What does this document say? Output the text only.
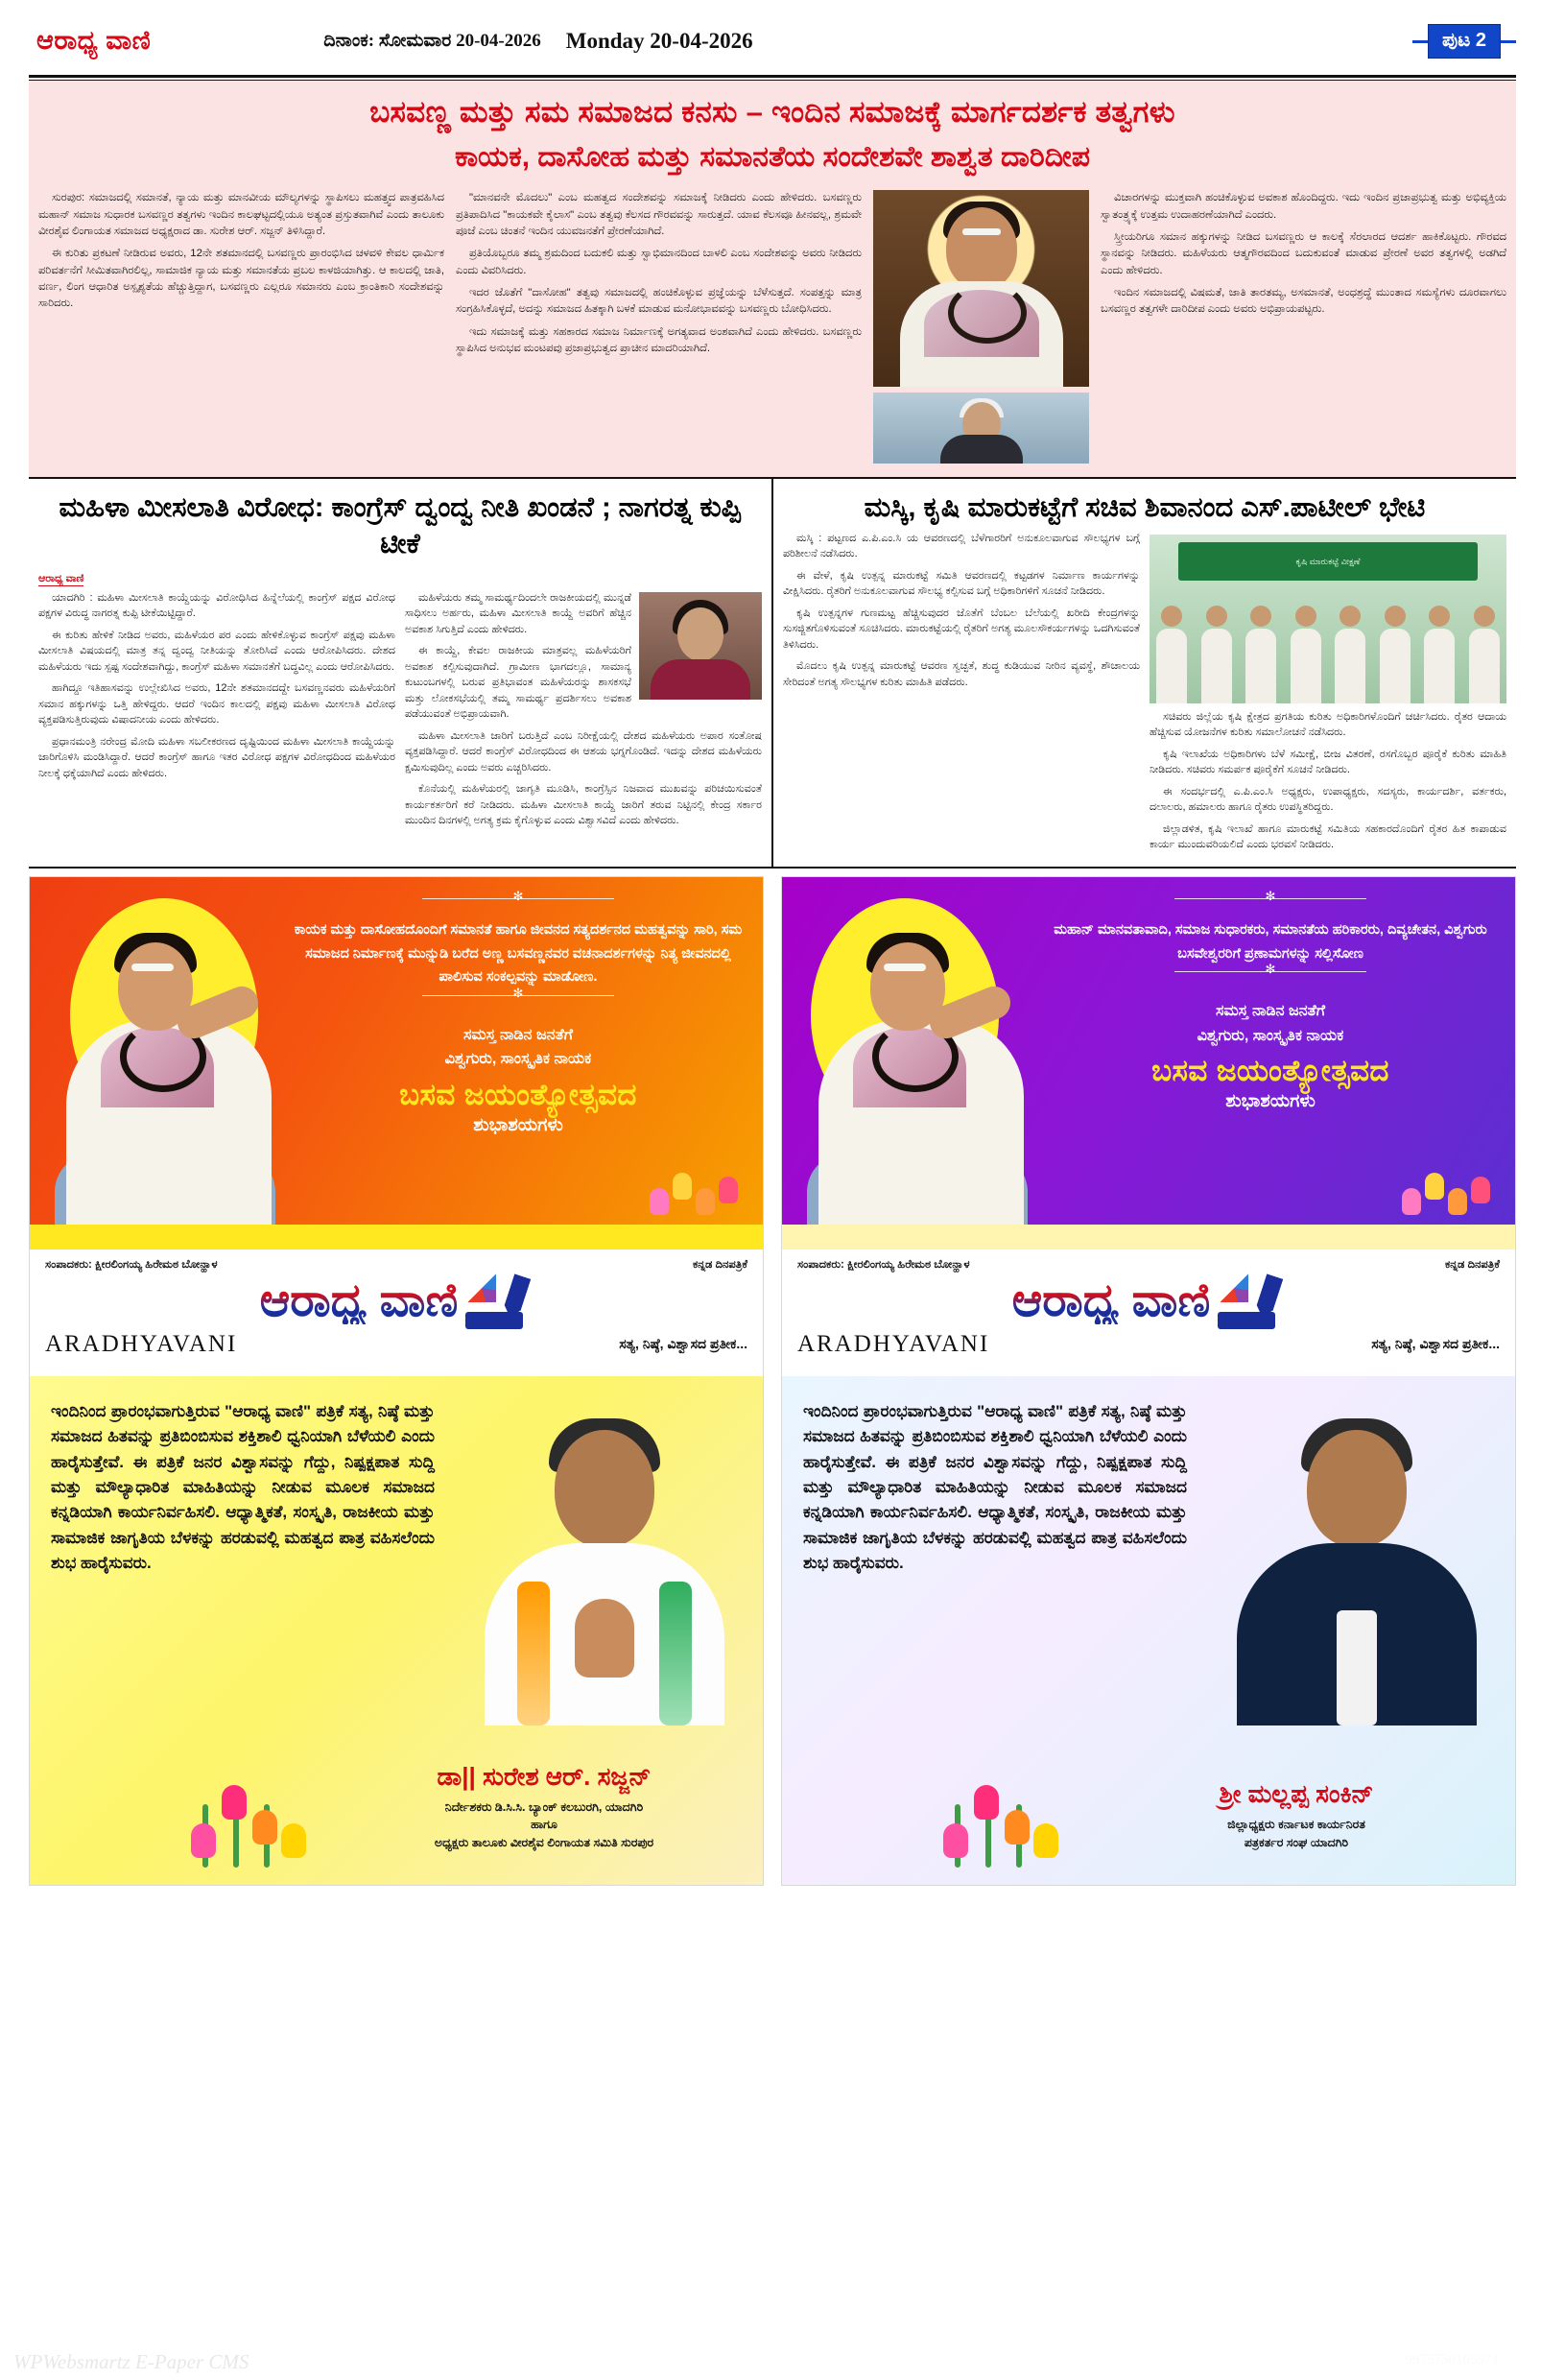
ಆರಾಧ್ಯ ವಾಣಿ	ದಿನಾಂಕ: ಸೋಮವಾರ 20-04-2026 Monday 20-04-2026	ಪುಟ 2
ಬಸವಣ್ಣ ಮತ್ತು ಸಮ ಸಮಾಜದ ಕನಸು – ಇಂದಿನ ಸಮಾಜಕ್ಕೆ ಮಾರ್ಗದರ್ಶಕ ತತ್ವಗಳು
ಕಾಯಕ, ದಾಸೋಹ ಮತ್ತು ಸಮಾನತೆಯ ಸಂದೇಶವೇ ಶಾಶ್ವತ ದಾರಿದೀಪ

ಸುರಪುರ: ಸಮಾಜದಲ್ಲಿ ಸಮಾನತೆ, ನ್ಯಾಯ ಮತ್ತು ಮಾನವೀಯ ಮೌಲ್ಯಗಳನ್ನು ಸ್ಥಾಪಿಸಲು ಮಹತ್ತ್ವದ ಪಾತ್ರವಹಿಸಿದ ಮಹಾನ್ ಸಮಾಜ ಸುಧಾರಕ ಬಸವಣ್ಣರ ತತ್ವಗಳು ಇಂದಿನ ಕಾಲಘಟ್ಟದಲ್ಲಿಯೂ ಅತ್ಯಂತ ಪ್ರಸ್ತುತವಾಗಿವೆ ಎಂದು ತಾಲೂಕು ವೀರಶೈವ ಲಿಂಗಾಯತ ಸಮಾಜದ ಅಧ್ಯಕ್ಷರಾದ ಡಾ. ಸುರೇಶ ಆರ್. ಸಜ್ಜನ್ ತಿಳಿಸಿದ್ದಾರೆ.

ಈ ಕುರಿತು ಪ್ರಕಟಣೆ ನೀಡಿರುವ ಅವರು, 12ನೇ ಶತಮಾನದಲ್ಲಿ ಬಸವಣ್ಣರು ಪ್ರಾರಂಭಿಸಿದ ಚಳವಳಿ ಕೇವಲ ಧಾರ್ಮಿಕ ಪರಿವರ್ತನೆಗೆ ಸೀಮಿತವಾಗಿರಲಿಲ್ಲ, ಸಾಮಾಜಿಕ ನ್ಯಾಯ ಮತ್ತು ಸಮಾನತೆಯ ಪ್ರಬಲ ಕಾಳಜಿಯಾಗಿತ್ತು. ಆ ಕಾಲದಲ್ಲಿ ಜಾತಿ, ವರ್ಣ, ಲಿಂಗ ಆಧಾರಿತ ಅಸ್ಪೃಶ್ಯತೆಯ ಹೆಚ್ಚುತ್ತಿದ್ದಾಗ, ಬಸವಣ್ಣರು ಎಲ್ಲರೂ ಸಮಾನರು ಎಂಬ ಕ್ರಾಂತಿಕಾರಿ ಸಂದೇಶವನ್ನು ಸಾರಿದರು.

"ಮಾನವನೇ ಮೊದಲು" ಎಂಬ ಮಹತ್ವದ ಸಂದೇಶವನ್ನು ಸಮಾಜಕ್ಕೆ ನೀಡಿದರು ಎಂದು ಹೇಳಿದರು. ಬಸವಣ್ಣರು ಪ್ರತಿಪಾದಿಸಿದ "ಕಾಯಕವೇ ಕೈಲಾಸ" ಎಂಬ ತತ್ವವು ಕೆಲಸದ ಗೌರವವನ್ನು ಸಾರುತ್ತದೆ. ಯಾವ ಕೆಲಸವೂ ಹೀನವಲ್ಲ, ಶ್ರಮವೇ ಪೂಜೆ ಎಂಬ ಚಿಂತನೆ ಇಂದಿನ ಯುವಜನತೆಗೆ ಪ್ರೇರಣೆಯಾಗಿದೆ.

ಪ್ರತಿಯೊಬ್ಬರೂ ತಮ್ಮ ಶ್ರಮದಿಂದ ಬದುಕಲಿ ಮತ್ತು ಸ್ವಾಭಿಮಾನದಿಂದ ಬಾಳಲಿ ಎಂಬ ಸಂದೇಶವನ್ನು ಅವರು ನೀಡಿದರು ಎಂದು ವಿವರಿಸಿದರು.

ಇದರ ಜೊತೆಗೆ "ದಾಸೋಹ" ತತ್ವವು ಸಮಾಜದಲ್ಲಿ ಹಂಚಿಕೊಳ್ಳುವ ಪ್ರಜ್ಞೆಯನ್ನು ಬೆಳೆಸುತ್ತದೆ. ಸಂಪತ್ತನ್ನು ಮಾತ್ರ ಸಂಗ್ರಹಿಸಿಕೊಳ್ಳದೆ, ಅದನ್ನು ಸಮಾಜದ ಹಿತಕ್ಕಾಗಿ ಬಳಕೆ ಮಾಡುವ ಮನೋಭಾವವನ್ನು ಬಸವಣ್ಣರು ಬೋಧಿಸಿದರು.

ಇದು ಸಮಾಜಕ್ಕೆ ಮತ್ತು ಸಹಕಾರದ ಸಮಾಜ ನಿರ್ಮಾಣಕ್ಕೆ ಅಗತ್ಯವಾದ ಅಂಶವಾಗಿದೆ ಎಂದು ಹೇಳಿದರು. ಬಸವಣ್ಣರು ಸ್ಥಾಪಿಸಿದ ಅನುಭವ ಮಂಟಪವು ಪ್ರಜಾಪ್ರಭುತ್ವದ ಪ್ರಾಚೀನ ಮಾದರಿಯಾಗಿದೆ.

ವಿಚಾರಗಳನ್ನು ಮುಕ್ತವಾಗಿ ಹಂಚಿಕೊಳ್ಳುವ ಅವಕಾಶ ಹೊಂದಿದ್ದರು. ಇದು ಇಂದಿನ ಪ್ರಜಾಪ್ರಭುತ್ವ ಮತ್ತು ಅಭಿವ್ಯಕ್ತಿಯ ಸ್ವಾತಂತ್ರ್ಯಕ್ಕೆ ಉತ್ತಮ ಉದಾಹರಣೆಯಾಗಿದೆ ಎಂದರು.

ಸ್ತ್ರೀಯರಿಗೂ ಸಮಾನ ಹಕ್ಕುಗಳನ್ನು ನೀಡಿದ ಬಸವಣ್ಣರು ಆ ಕಾಲಕ್ಕೆ ಸೆರಲಾರದ ಆದರ್ಶ ಹಾಕಿಕೊಟ್ಟರು. ಗೌರವದ ಸ್ಥಾನವನ್ನು ನೀಡಿದರು. ಮಹಿಳೆಯರು ಆತ್ಮಗೌರವದಿಂದ ಬದುಕುವಂತೆ ಮಾಡುವ ಪ್ರೇರಣೆ ಅವರ ತತ್ವಗಳಲ್ಲಿ ಅಡಗಿದೆ ಎಂದು ಹೇಳಿದರು.

ಇಂದಿನ ಸಮಾಜದಲ್ಲಿ ವಿಷಮತೆ, ಜಾತಿ ತಾರತಮ್ಯ, ಅಸಮಾನತೆ, ಅಂಧಶ್ರದ್ಧೆ ಮುಂತಾದ ಸಮಸ್ಯೆಗಳು ದೂರವಾಗಲು ಬಸವಣ್ಣರ ತತ್ವಗಳೇ ದಾರಿದೀಪ ಎಂದು ಅವರು ಅಭಿಪ್ರಾಯಪಟ್ಟರು.

ಮಹಿಳಾ ಮೀಸಲಾತಿ ವಿರೋಧ: ಕಾಂಗ್ರೆಸ್ ದ್ವಂದ್ವ ನೀತಿ ಖಂಡನೆ ; ನಾಗರತ್ನ ಕುಪ್ಪಿ ಟೀಕೆ
ಆರಾಧ್ಯ ವಾಣಿ

ಯಾದಗಿರಿ : ಮಹಿಳಾ ಮೀಸಲಾತಿ ಕಾಯ್ದೆಯನ್ನು ವಿರೋಧಿಸಿದ ಹಿನ್ನೆಲೆಯಲ್ಲಿ ಕಾಂಗ್ರೆಸ್ ಪಕ್ಷದ ವಿರೋಧ ಪಕ್ಷಗಳ ವಿರುದ್ಧ ನಾಗರತ್ನ ಕುಪ್ಪಿ ಟೀಕೆಯಿಟ್ಟಿದ್ದಾರೆ.

ಈ ಕುರಿತು ಹೇಳಿಕೆ ನೀಡಿದ ಅವರು, ಮಹಿಳೆಯರ ಪರ ಎಂದು ಹೇಳಿಕೊಳ್ಳುವ ಕಾಂಗ್ರೆಸ್ ಪಕ್ಷವು ಮಹಿಳಾ ಮೀಸಲಾತಿ ವಿಷಯದಲ್ಲಿ ಮಾತ್ರ ತನ್ನ ದ್ವಂದ್ವ ನೀತಿಯನ್ನು ತೋರಿಸಿದೆ ಎಂದು ಆರೋಪಿಸಿದರು. ದೇಶದ ಮಹಿಳೆಯರು ಇದು ಸ್ಪಷ್ಟ ಸಂದೇಶವಾಗಿದ್ದು, ಕಾಂಗ್ರೆಸ್ ಮಹಿಳಾ ಸಮಾನತೆಗೆ ಬದ್ಧವಿಲ್ಲ ಎಂದು ಆರೋಪಿಸಿದರು.

ಹಾಗಿದ್ದೂ ಇತಿಹಾಸವನ್ನು ಉಲ್ಲೇಖಿಸಿದ ಅವರು, 12ನೇ ಶತಮಾನದದ್ದೇ ಬಸವಣ್ಣನವರು ಮಹಿಳೆಯರಿಗೆ ಸಮಾನ ಹಕ್ಕುಗಳನ್ನು ಒತ್ತಿ ಹೇಳಿದ್ದರು. ಆದರೆ ಇಂದಿನ ಕಾಲದಲ್ಲಿ ಪಕ್ಷವು ಮಹಿಳಾ ಮೀಸಲಾತಿ ವಿರೋಧ ವ್ಯಕ್ತಪಡಿಸುತ್ತಿರುವುದು ವಿಷಾದನೀಯ ಎಂದು ಹೇಳಿದರು.

ಪ್ರಧಾನಮಂತ್ರಿ ನರೇಂದ್ರ ಮೋದಿ ಮಹಿಳಾ ಸಬಲೀಕರಣದ ದೃಷ್ಟಿಯಿಂದ ಮಹಿಳಾ ಮೀಸಲಾತಿ ಕಾಯ್ದೆಯನ್ನು ಜಾರಿಗೊಳಿಸಿ ಮಂಡಿಸಿದ್ದಾರೆ. ಆದರೆ ಕಾಂಗ್ರೆಸ್ ಹಾಗೂ ಇತರ ವಿರೋಧ ಪಕ್ಷಗಳ ವಿರೋಧದಿಂದ ಮಹಿಳೆಯರ ನೀಲಕ್ಕೆ ಧಕ್ಕೆಯಾಗಿದೆ ಎಂದು ಹೇಳಿದರು.

ಮಹಿಳೆಯರು ತಮ್ಮ ಸಾಮರ್ಥ್ಯದಿಂದಲೇ ರಾಜಕೀಯದಲ್ಲಿ ಮುನ್ನಡೆ ಸಾಧಿಸಲು ಅರ್ಹರು, ಮಹಿಳಾ ಮೀಸಲಾತಿ ಕಾಯ್ದೆ ಅವರಿಗೆ ಹೆಚ್ಚಿನ ಅವಕಾಶ ಸಿಗುತ್ತಿದೆ ಎಂದು ಹೇಳಿದರು.

ಈ ಕಾಯ್ದೆ, ಕೇವಲ ರಾಜಕೀಯ ಮಾತ್ರವಲ್ಲ ಮಹಿಳೆಯರಿಗೆ ಅವಕಾಶ ಕಲ್ಪಿಸುವುದಾಗಿದೆ. ಗ್ರಾಮೀಣ ಭಾಗದಲ್ಲೂ, ಸಾಮಾನ್ಯ ಕುಟುಂಬಗಳಲ್ಲಿ ಬರುವ ಪ್ರತಿಭಾವಂತ ಮಹಿಳೆಯರನ್ನು ಶಾಸಕಸಭೆ ಮತ್ತು ಲೋಕಸಭೆಯಲ್ಲಿ ತಮ್ಮ ಸಾಮರ್ಥ್ಯ ಪ್ರದರ್ಶಿಸಲು ಅವಕಾಶ ಪಡೆಯುವಂತೆ ಅಭಿಪ್ರಾಯವಾಗಿ.

ಮಹಿಳಾ ಮೀಸಲಾತಿ ಜಾರಿಗೆ ಬರುತ್ತಿದೆ ಎಂಬ ನಿರೀಕ್ಷೆಯಲ್ಲಿ ದೇಶದ ಮಹಿಳೆಯರು ಅಪಾರ ಸಂತೋಷ ವ್ಯಕ್ತಪಡಿಸಿದ್ದಾರೆ. ಆದರೆ ಕಾಂಗ್ರೆಸ್ ವಿರೋಧದಿಂದ ಈ ಆಶಯ ಭಗ್ನಗೊಂಡಿದೆ. ಇದನ್ನು ದೇಶದ ಮಹಿಳೆಯರು ಕ್ಷಮಿಸುವುದಿಲ್ಲ ಎಂದು ಅವರು ಎಚ್ಚರಿಸಿದರು.

ಕೊನೆಯಲ್ಲಿ ಮಹಿಳೆಯರಲ್ಲಿ ಜಾಗೃತಿ ಮೂಡಿಸಿ, ಕಾಂಗ್ರೆಸ್ಸಿನ ನಿಜವಾದ ಮುಖವನ್ನು ಪರಿಚಯಿಸುವಂತೆ ಕಾರ್ಯಕರ್ತರಿಗೆ ಕರೆ ನೀಡಿದರು. ಮಹಿಳಾ ಮೀಸಲಾತಿ ಕಾಯ್ದೆ ಜಾರಿಗೆ ತರುವ ನಿಟ್ಟಿನಲ್ಲಿ ಕೇಂದ್ರ ಸರ್ಕಾರ ಮುಂದಿನ ದಿನಗಳಲ್ಲಿ ಅಗತ್ಯ ಕ್ರಮ ಕೈಗೊಳ್ಳುವ ಎಂದು ವಿಶ್ವಾಸವಿದೆ ಎಂದು ಹೇಳಿದರು.

ಮಸ್ಕಿ, ಕೃಷಿ ಮಾರುಕಟ್ಟೆಗೆ ಸಚಿವ ಶಿವಾನಂದ ಎಸ್.ಪಾಟೀಲ್ ಭೇಟಿ

ಮಸ್ಕಿ : ಪಟ್ಟಣದ ಎ.ಪಿ.ಎಂ.ಸಿ ಯ ಆವರಣದಲ್ಲಿ ಬೆಳೆಗಾರರಿಗೆ ಅನುಕೂಲವಾಗುವ ಸೌಲಭ್ಯಗಳ ಬಗ್ಗೆ ಪರಿಶೀಲನೆ ನಡೆಸಿದರು.

ಈ ವೇಳೆ, ಕೃಷಿ ಉತ್ಪನ್ನ ಮಾರುಕಟ್ಟೆ ಸಮಿತಿ ಆವರಣದಲ್ಲಿ ಕಟ್ಟಡಗಳ ನಿರ್ಮಾಣ ಕಾರ್ಯಗಳನ್ನು ವೀಕ್ಷಿಸಿದರು. ರೈತರಿಗೆ ಅನುಕೂಲವಾಗುವ ಸೌಲಭ್ಯ ಕಲ್ಪಿಸುವ ಬಗ್ಗೆ ಅಧಿಕಾರಿಗಳಿಗೆ ಸೂಚನೆ ನೀಡಿದರು.

ಕೃಷಿ ಉತ್ಪನ್ನಗಳ ಗುಣಮಟ್ಟ ಹೆಚ್ಚಿಸುವುದರ ಜೊತೆಗೆ ಬೆಂಬಲ ಬೆಲೆಯಲ್ಲಿ ಖರೀದಿ ಕೇಂದ್ರಗಳನ್ನು ಸುಸಜ್ಜಿತಗೊಳಿಸುವಂತೆ ಸೂಚಿಸಿದರು. ಮಾರುಕಟ್ಟೆಯಲ್ಲಿ ರೈತರಿಗೆ ಅಗತ್ಯ ಮೂಲಸೌಕರ್ಯಗಳನ್ನು ಒದಗಿಸುವಂತೆ ತಿಳಿಸಿದರು.

ಮೊದಲು ಕೃಷಿ ಉತ್ಪನ್ನ ಮಾರುಕಟ್ಟೆ ಆವರಣ ಸ್ವಚ್ಛತೆ, ಶುದ್ಧ ಕುಡಿಯುವ ನೀರಿನ ವ್ಯವಸ್ಥೆ, ಶೌಚಾಲಯ ಸೇರಿದಂತೆ ಅಗತ್ಯ ಸೌಲಭ್ಯಗಳ ಕುರಿತು ಮಾಹಿತಿ ಪಡೆದರು.

ಕೃಷಿ ಮಾರುಕಟ್ಟೆ ವೀಕ್ಷಣೆ

ಸಚಿವರು ಜಿಲ್ಲೆಯ ಕೃಷಿ ಕ್ಷೇತ್ರದ ಪ್ರಗತಿಯ ಕುರಿತು ಅಧಿಕಾರಿಗಳೊಂದಿಗೆ ಚರ್ಚಿಸಿದರು. ರೈತರ ಆದಾಯ ಹೆಚ್ಚಿಸುವ ಯೋಜನೆಗಳ ಕುರಿತು ಸಮಾಲೋಚನೆ ನಡೆಸಿದರು.

ಕೃಷಿ ಇಲಾಖೆಯ ಅಧಿಕಾರಿಗಳು ಬೆಳೆ ಸಮೀಕ್ಷೆ, ಬೀಜ ವಿತರಣೆ, ರಸಗೊಬ್ಬರ ಪೂರೈಕೆ ಕುರಿತು ಮಾಹಿತಿ ನೀಡಿದರು. ಸಚಿವರು ಸಮರ್ಪಕ ಪೂರೈಕೆಗೆ ಸೂಚನೆ ನೀಡಿದರು.

ಈ ಸಂದರ್ಭದಲ್ಲಿ ಎ.ಪಿ.ಎಂ.ಸಿ ಅಧ್ಯಕ್ಷರು, ಉಪಾಧ್ಯಕ್ಷರು, ಸದಸ್ಯರು, ಕಾರ್ಯದರ್ಶಿ, ವರ್ತಕರು, ದಲಾಲರು, ಹಮಾಲರು ಹಾಗೂ ರೈತರು ಉಪಸ್ಥಿತರಿದ್ದರು.

ಜಿಲ್ಲಾಡಳಿತ, ಕೃಷಿ ಇಲಾಖೆ ಹಾಗೂ ಮಾರುಕಟ್ಟೆ ಸಮಿತಿಯ ಸಹಕಾರದೊಂದಿಗೆ ರೈತರ ಹಿತ ಕಾಪಾಡುವ ಕಾರ್ಯ ಮುಂದುವರಿಯಲಿದೆ ಎಂದು ಭರವಸೆ ನೀಡಿದರು.

✻
ಕಾಯಕ ಮತ್ತು ದಾಸೋಹದೊಂದಿಗೆ ಸಮಾನತೆ ಹಾಗೂ ಜೀವನದ ಸತ್ಯದರ್ಶನದ ಮಹತ್ವವನ್ನು ಸಾರಿ, ಸಮ ಸಮಾಜದ ನಿರ್ಮಾಣಕ್ಕೆ ಮುನ್ನುಡಿ ಬರೆದ ಅಣ್ಣ ಬಸವಣ್ಣನವರ ವಚನಾದರ್ಶಗಳನ್ನು ನಿತ್ಯ ಜೀವನದಲ್ಲಿ ಪಾಲಿಸುವ ಸಂಕಲ್ಪವನ್ನು ಮಾಡೋಣ.
✻
ಸಮಸ್ತ ನಾಡಿನ ಜನತೆಗೆ
ವಿಶ್ವಗುರು, ಸಾಂಸ್ಕೃತಿಕ ನಾಯಕ
ಬಸವ ಜಯಂತ್ಯೋತ್ಸವದ
ಶುಭಾಶಯಗಳು
ಸಂಪಾದಕರು: ಕ್ಷೀರಲಿಂಗಯ್ಯ ಹಿರೇಮಠ ಬೋನ್ಹಾಳ	ಕನ್ನಡ ದಿನಪತ್ರಿಕೆ
ಆರಾಧ್ಯ ವಾಣಿ
ARADHYAVANI	ಸತ್ಯ, ನಿಷ್ಠೆ, ವಿಶ್ವಾಸದ ಪ್ರತೀಕ...
ಇಂದಿನಿಂದ ಪ್ರಾರಂಭವಾಗುತ್ತಿರುವ "ಆರಾಧ್ಯ ವಾಣಿ" ಪತ್ರಿಕೆ ಸತ್ಯ, ನಿಷ್ಠೆ ಮತ್ತು ಸಮಾಜದ ಹಿತವನ್ನು ಪ್ರತಿಬಿಂಬಿಸುವ ಶಕ್ತಿಶಾಲಿ ಧ್ವನಿಯಾಗಿ ಬೆಳೆಯಲಿ ಎಂದು ಹಾರೈಸುತ್ತೇವೆ. ಈ ಪತ್ರಿಕೆ ಜನರ ವಿಶ್ವಾಸವನ್ನು ಗೆದ್ದು, ನಿಷ್ಪಕ್ಷಪಾತ ಸುದ್ದಿ ಮತ್ತು ಮೌಲ್ಯಾಧಾರಿತ ಮಾಹಿತಿಯನ್ನು ನೀಡುವ ಮೂಲಕ ಸಮಾಜದ ಕನ್ನಡಿಯಾಗಿ ಕಾರ್ಯನಿರ್ವಹಿಸಲಿ. ಆಧ್ಯಾತ್ಮಿಕತೆ, ಸಂಸ್ಕೃತಿ, ರಾಜಕೀಯ ಮತ್ತು ಸಾಮಾಜಿಕ ಜಾಗೃತಿಯ ಬೆಳಕನ್ನು ಹರಡುವಲ್ಲಿ ಮಹತ್ವದ ಪಾತ್ರ ವಹಿಸಲೆಂದು ಶುಭ ಹಾರೈಸುವರು.
ಡಾ|| ಸುರೇಶ ಆರ್. ಸಜ್ಜನ್
ನಿರ್ದೇಶಕರು ಡಿ.ಸಿ.ಸಿ. ಬ್ಯಾಂಕ್ ಕಲಬುರಗಿ, ಯಾದಗಿರಿ
ಹಾಗೂ
ಅಧ್ಯಕ್ಷರು ತಾಲೂಕು ವೀರಶೈವ ಲಿಂಗಾಯತ ಸಮಿತಿ ಸುರಪುರ
✻
ಮಹಾನ್ ಮಾನವತಾವಾದಿ, ಸಮಾಜ ಸುಧಾರಕರು, ಸಮಾನತೆಯ ಹರಿಕಾರರು, ದಿವ್ಯಚೇತನ, ವಿಶ್ವಗುರು ಬಸವೇಶ್ವರರಿಗೆ ಪ್ರಣಾಮಗಳನ್ನು ಸಲ್ಲಿಸೋಣ
✻
ಸಮಸ್ತ ನಾಡಿನ ಜನತೆಗೆ
ವಿಶ್ವಗುರು, ಸಾಂಸ್ಕೃತಿಕ ನಾಯಕ
ಬಸವ ಜಯಂತ್ಯೋತ್ಸವದ
ಶುಭಾಶಯಗಳು
ಸಂಪಾದಕರು: ಕ್ಷೀರಲಿಂಗಯ್ಯ ಹಿರೇಮಠ ಬೋನ್ಹಾಳ	ಕನ್ನಡ ದಿನಪತ್ರಿಕೆ
ಆರಾಧ್ಯ ವಾಣಿ
ARADHYAVANI	ಸತ್ಯ, ನಿಷ್ಠೆ, ವಿಶ್ವಾಸದ ಪ್ರತೀಕ...
ಇಂದಿನಿಂದ ಪ್ರಾರಂಭವಾಗುತ್ತಿರುವ "ಆರಾಧ್ಯ ವಾಣಿ" ಪತ್ರಿಕೆ ಸತ್ಯ, ನಿಷ್ಠೆ ಮತ್ತು ಸಮಾಜದ ಹಿತವನ್ನು ಪ್ರತಿಬಿಂಬಿಸುವ ಶಕ್ತಿಶಾಲಿ ಧ್ವನಿಯಾಗಿ ಬೆಳೆಯಲಿ ಎಂದು ಹಾರೈಸುತ್ತೇವೆ. ಈ ಪತ್ರಿಕೆ ಜನರ ವಿಶ್ವಾಸವನ್ನು ಗೆದ್ದು, ನಿಷ್ಪಕ್ಷಪಾತ ಸುದ್ದಿ ಮತ್ತು ಮೌಲ್ಯಾಧಾರಿತ ಮಾಹಿತಿಯನ್ನು ನೀಡುವ ಮೂಲಕ ಸಮಾಜದ ಕನ್ನಡಿಯಾಗಿ ಕಾರ್ಯನಿರ್ವಹಿಸಲಿ. ಆಧ್ಯಾತ್ಮಿಕತೆ, ಸಂಸ್ಕೃತಿ, ರಾಜಕೀಯ ಮತ್ತು ಸಾಮಾಜಿಕ ಜಾಗೃತಿಯ ಬೆಳಕನ್ನು ಹರಡುವಲ್ಲಿ ಮಹತ್ವದ ಪಾತ್ರ ವಹಿಸಲೆಂದು ಶುಭ ಹಾರೈಸುವರು.
ಶ್ರೀ ಮಲ್ಲಪ್ಪ ಸಂಕಿನ್
ಜಿಲ್ಲಾಧ್ಯಕ್ಷರು ಕರ್ನಾಟಕ ಕಾರ್ಯನಿರತ
ಪತ್ರಕರ್ತರ ಸಂಘ ಯಾದಗಿರಿ
WPWebsmartz E-Paper CMS	9975750105971
